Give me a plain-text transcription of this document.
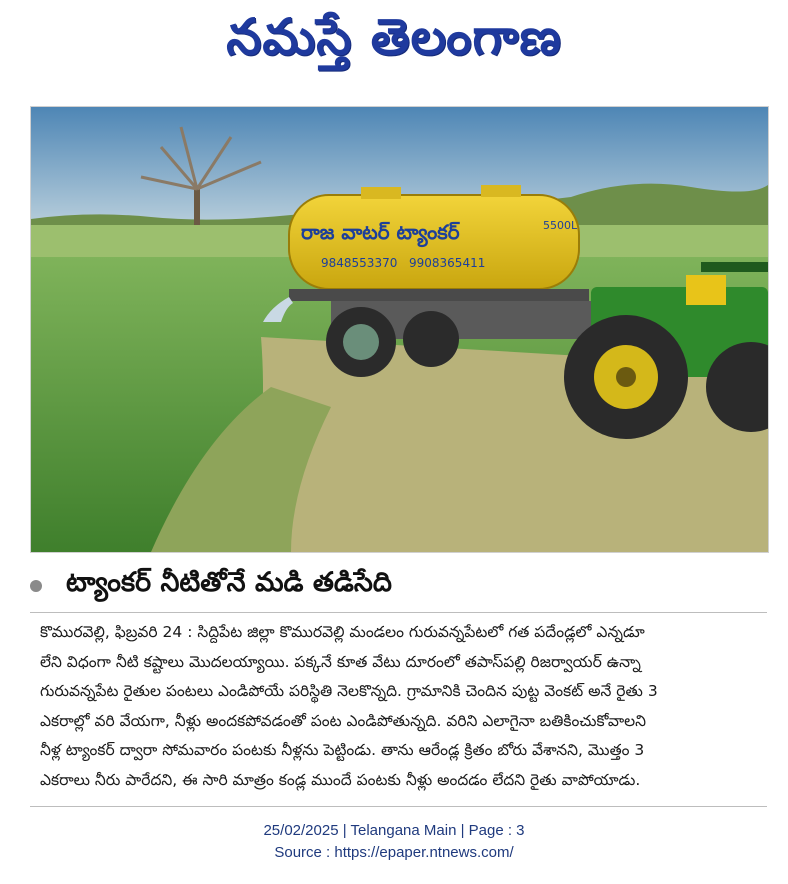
నమస్తే తెలంగాణ
రాజ వాటర్ ట్యాంకర్
9848553370 9908365411
5500L
ట్యాంకర్ నీటితోనే మడి తడిసేది
కొమురవెల్లి, ఫిబ్రవరి 24 : సిద్దిపేట జిల్లా కొమురవెల్లి మండలం గురువన్నపేటలో గత పదేండ్లలో ఎన్నడూ
లేని విధంగా నీటి కష్టాలు మొదలయ్యాయి. పక్కనే కూత వేటు దూరంలో తపాస్‌పల్లి రిజర్వాయర్ ఉన్నా
గురువన్నపేట రైతుల పంటలు ఎండిపోయే పరిస్థితి నెలకొన్నది. గ్రామానికి చెందిన పుట్ట వెంకట్ అనే రైతు 3
ఎకరాల్లో వరి వేయగా, నీళ్లు అందకపోవడంతో పంట ఎండిపోతున్నది. వరిని ఎలాగైనా బతికించుకోవాలని
నీళ్ల ట్యాంకర్ ద్వారా సోమవారం పంటకు నీళ్లను పెట్టిండు. తాను ఆరేండ్ల క్రితం బోరు వేశానని, మొత్తం 3
ఎకరాలు నీరు పారేదని, ఈ సారి మాత్రం కండ్ల ముందే పంటకు నీళ్లు అందడం లేదని రైతు వాపోయాడు.
25/02/2025 | Telangana Main | Page : 3
Source : https://epaper.ntnews.com/
